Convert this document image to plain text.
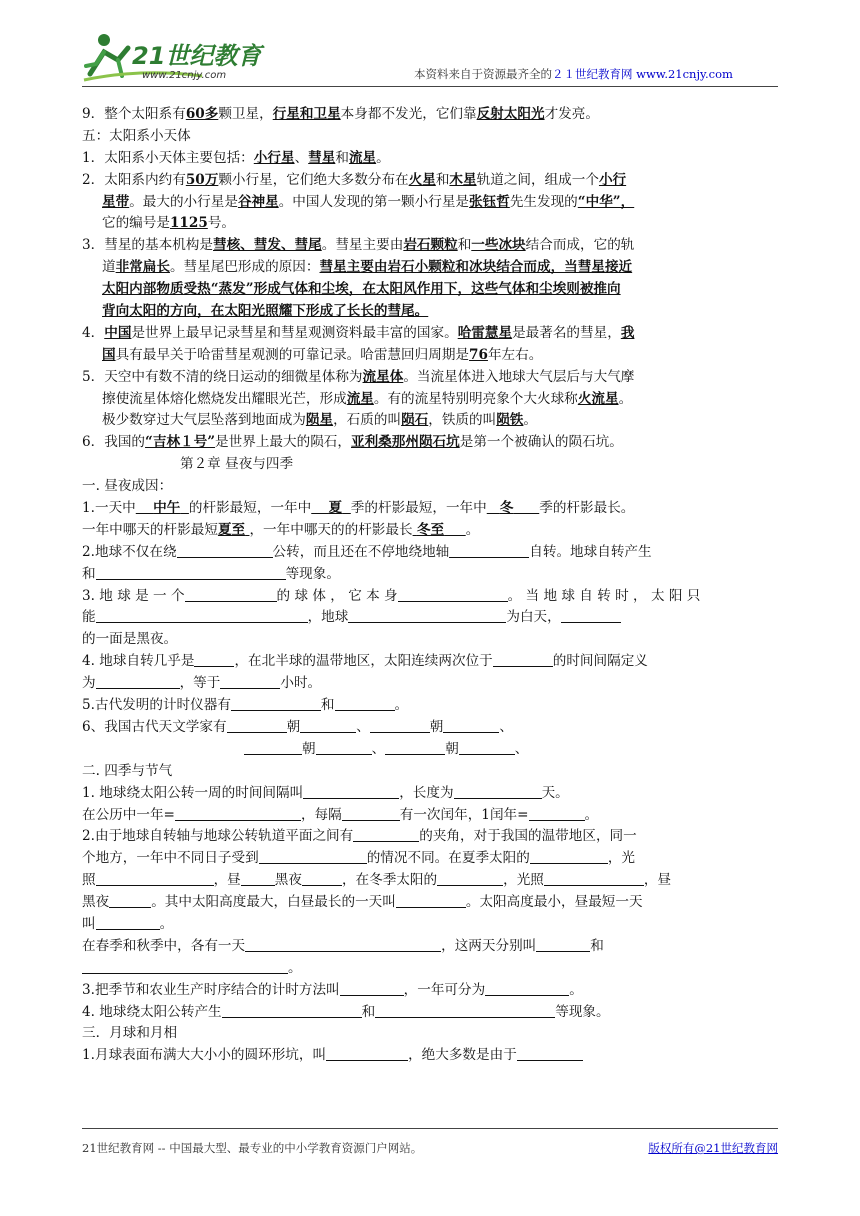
21世纪教育
www.21cnjy.com	本资料来自于资源最齐全的２１世纪教育网 www.21cnjy.com
9．整个太阳系有60多颗卫星，行星和卫星本身都不发光，它们靠反射太阳光才发亮。
五：太阳系小天体
1．太阳系小天体主要包括：小行星、彗星和流星。
2．太阳系内约有50万颗小行星，它们绝大多数分布在火星和木星轨道之间，组成一个小行
星带。最大的小行星是谷神星。中国人发现的第一颗小行星是张钰哲先生发现的“中华”，
它的编号是1125号。
3．彗星的基本机构是彗核、彗发、彗尾。彗星主要由岩石颗粒和一些冰块结合而成，它的轨
道非常扁长。彗星尾巴形成的原因：彗星主要由岩石小颗粒和冰块结合而成，当彗星接近
太阳内部物质受热“蒸发”形成气体和尘埃，在太阳风作用下，这些气体和尘埃则被推向
背向太阳的方向，在太阳光照耀下形成了长长的彗尾。
4．中国是世界上最早记录彗星和彗星观测资料最丰富的国家。哈雷慧星是最著名的彗星，我
国具有最早关于哈雷彗星观测的可靠记录。哈雷慧回归周期是76年左右。
5．天空中有数不清的绕日运动的细微星体称为流星体。当流星体进入地球大气层后与大气摩
擦使流星体熔化燃烧发出耀眼光芒，形成流星。有的流星特别明亮象个大火球称火流星。
极少数穿过大气层坠落到地面成为陨星，石质的叫陨石，铁质的叫陨铁。
6．我国的“吉林１号”是世界上最大的陨石，亚利桑那州陨石坑是第一个被确认的陨石坑。
第２章 昼夜与四季
一. 昼夜成因：
1.一天中 中午 的杆影最短，一年中 夏 季的杆影最短，一年中 冬 季的杆影最长。
一年中哪天的杆影最短夏至 ，一年中哪天的的杆影最长 冬至 。
2.地球不仅在绕	公转，而且还在不停地绕地轴	自转。地球自转产生
和	等现象。
3. 地 球 是 一 个	的 球 体 ， 它 本 身	。 当 地 球 自 转 时 ， 太 阳 只
能	，地球	为白天，
的一面是黑夜。
4. 地球自转几乎是	，在北半球的温带地区，太阳连续两次位于	的时间间隔定义
为	，等于	小时。
5.古代发明的计时仪器有	和	。
6、我国古代天文学家有	朝	、	朝	、
朝	、	朝	、
二. 四季与节气
1. 地球绕太阳公转一周的时间间隔叫	，长度为	天。
在公历中一年=	，每隔	有一次闰年，1闰年=	。
2.由于地球自转轴与地球公转轨道平面之间有	的夹角，对于我国的温带地区，同一
个地方，一年中不同日子受到	的情况不同。在夏季太阳的	，光
照	，昼	黑夜	，在冬季太阳的	，光照	，昼
黑夜	。其中太阳高度最大，白昼最长的一天叫	。太阳高度最小，昼最短一天
叫	。
在春季和秋季中，各有一天	，这两天分别叫	和
。
3.把季节和农业生产时序结合的计时方法叫	，一年可分为	。
4. 地球绕太阳公转产生	和	等现象。
三．月球和月相
1.月球表面布满大大小小的圆环形坑，叫	，绝大多数是由于
21世纪教育网 -- 中国最大型、最专业的中小学教育资源门户网站。	版权所有@21世纪教育网
